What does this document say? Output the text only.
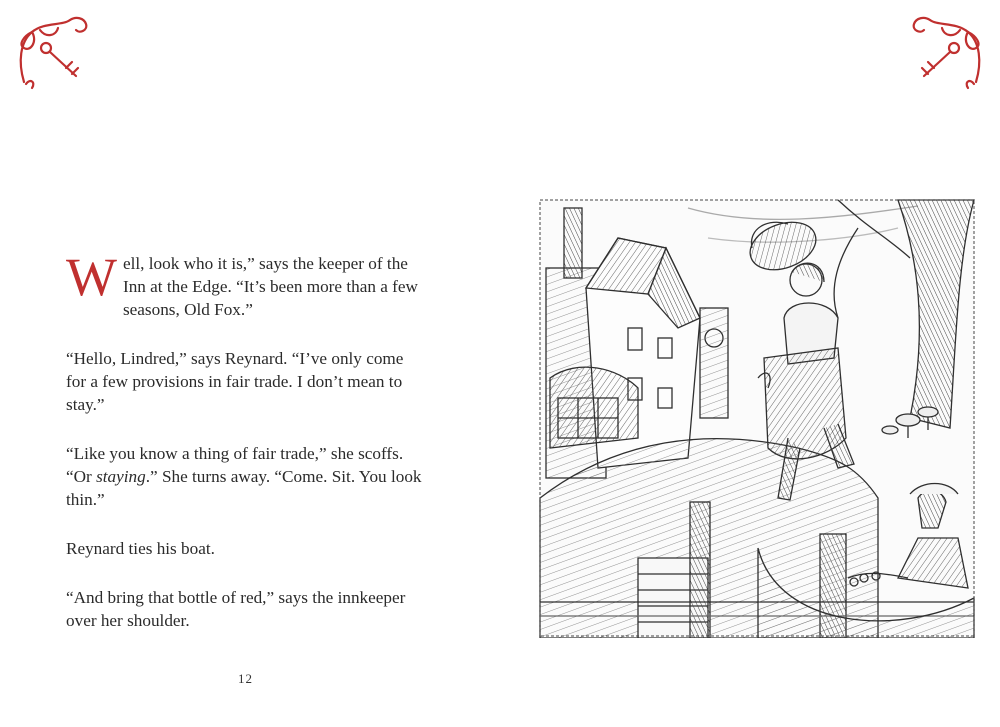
Well, look who it is,” says the keeper of the Inn at the Edge. “It’s been more than a few seasons, Old Fox.”

“Hello, Lindred,” says Reynard. “I’ve only come for a few provisions in fair trade. I don’t mean to stay.”

“Like you know a thing of fair trade,” she scoffs. “Or staying.” She turns away. “Come. Sit. You look thin.”

Reynard ties his boat.

“And bring that bottle of red,” says the innkeeper over her shoulder.

12
